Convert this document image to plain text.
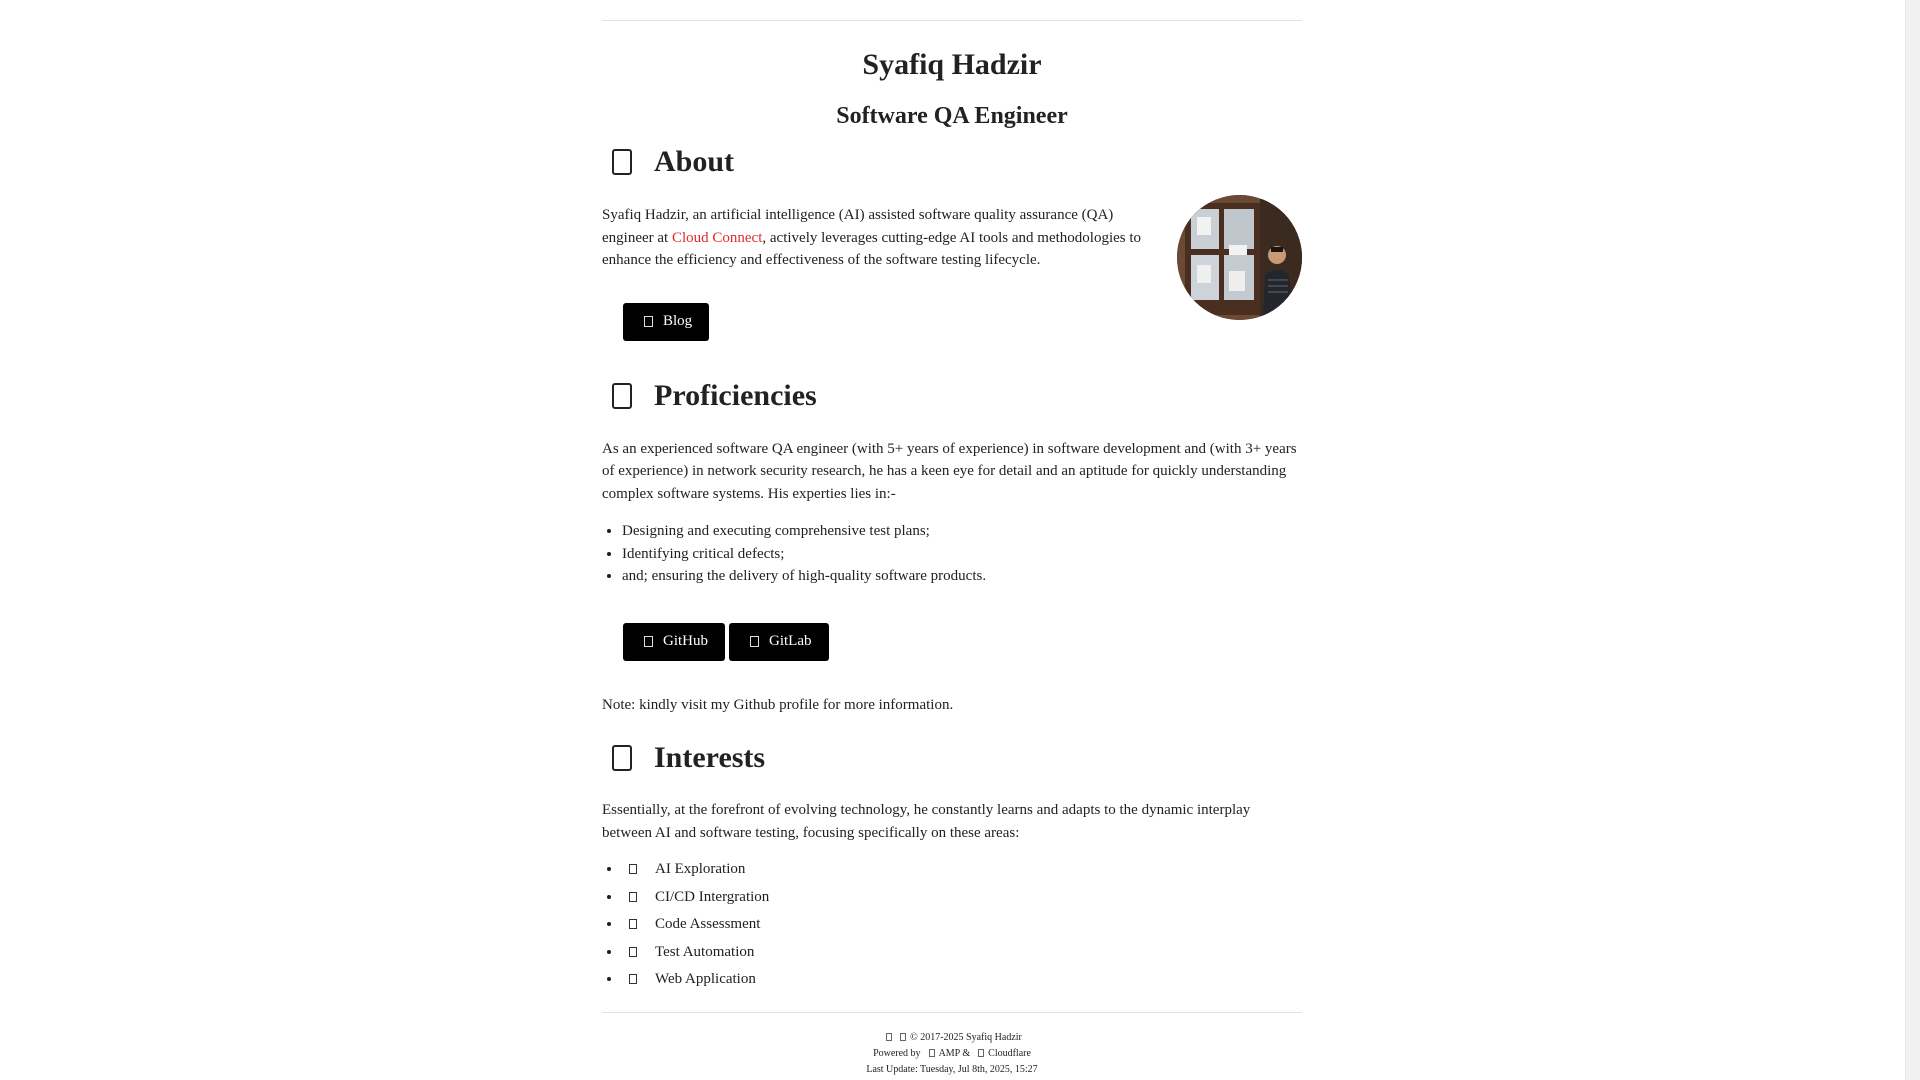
Syafiq Hadzir
Software QA Engineer
About

Syafiq Hadzir, an artificial intelligence (AI) assisted software quality assurance (QA) engineer at Cloud Connect, actively leverages cutting-edge AI tools and methodologies to enhance the efficiency and effectiveness of the software testing lifecycle.

Blog
Proficiencies

As an experienced software QA engineer (with 5+ years of experience) in software development and (with 3+ years of experience) in network security research, he has a keen eye for detail and an aptitude for quickly understanding complex software systems. His experties lies in:-

• Designing and executing comprehensive test plans;
• Identifying critical defects;
• and; ensuring the delivery of high-quality software products.
GitHub	GitLab

Note: kindly visit my Github profile for more information.

Interests

Essentially, at the forefront of evolving technology, he constantly learns and adapts to the dynamic interplay between AI and software testing, focusing specifically on these areas:

• AI Exploration
• CI/CD Intergration
• Code Assessment
• Test Automation
• Web Application
© 2017-2025 Syafiq Hadzir
Powered by AMP & Cloudflare
Last Update: Tuesday, Jul 8th, 2025, 15:27
